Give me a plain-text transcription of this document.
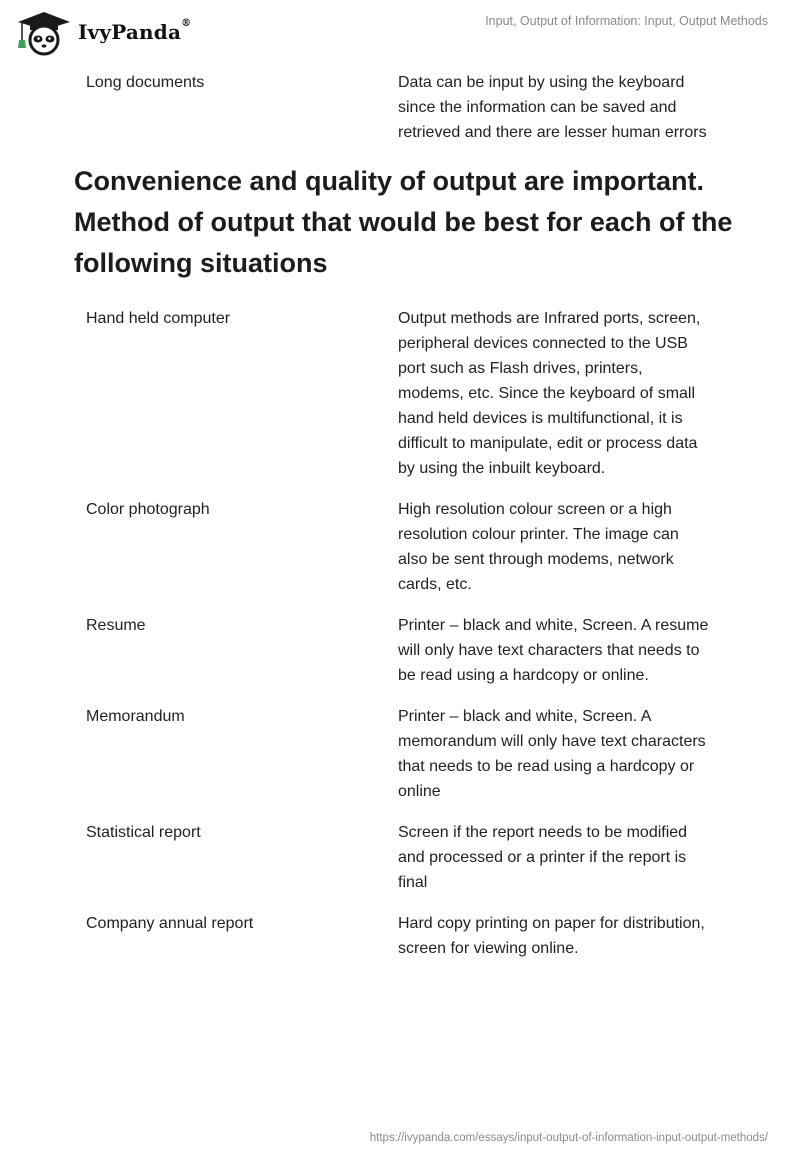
IvyPanda®	Input, Output of Information: Input, Output Methods
Long documents	Data can be input by using the keyboard since the information can be saved and retrieved and there are lesser human errors
Convenience and quality of output are important. Method of output that would be best for each of the following situations
Hand held computer	Output methods are Infrared ports, screen, peripheral devices connected to the USB port such as Flash drives, printers, modems, etc. Since the keyboard of small hand held devices is multifunctional, it is difficult to manipulate, edit or process data by using the inbuilt keyboard.
Color photograph	High resolution colour screen or a high resolution colour printer. The image can also be sent through modems, network cards, etc.
Resume	Printer – black and white, Screen. A resume will only have text characters that needs to be read using a hardcopy or online.
Memorandum	Printer – black and white, Screen. A memorandum will only have text characters that needs to be read using a hardcopy or online
Statistical report	Screen if the report needs to be modified and processed or a printer if the report is final
Company annual report	Hard copy printing on paper for distribution, screen for viewing online.
https://ivypanda.com/essays/input-output-of-information-input-output-methods/
